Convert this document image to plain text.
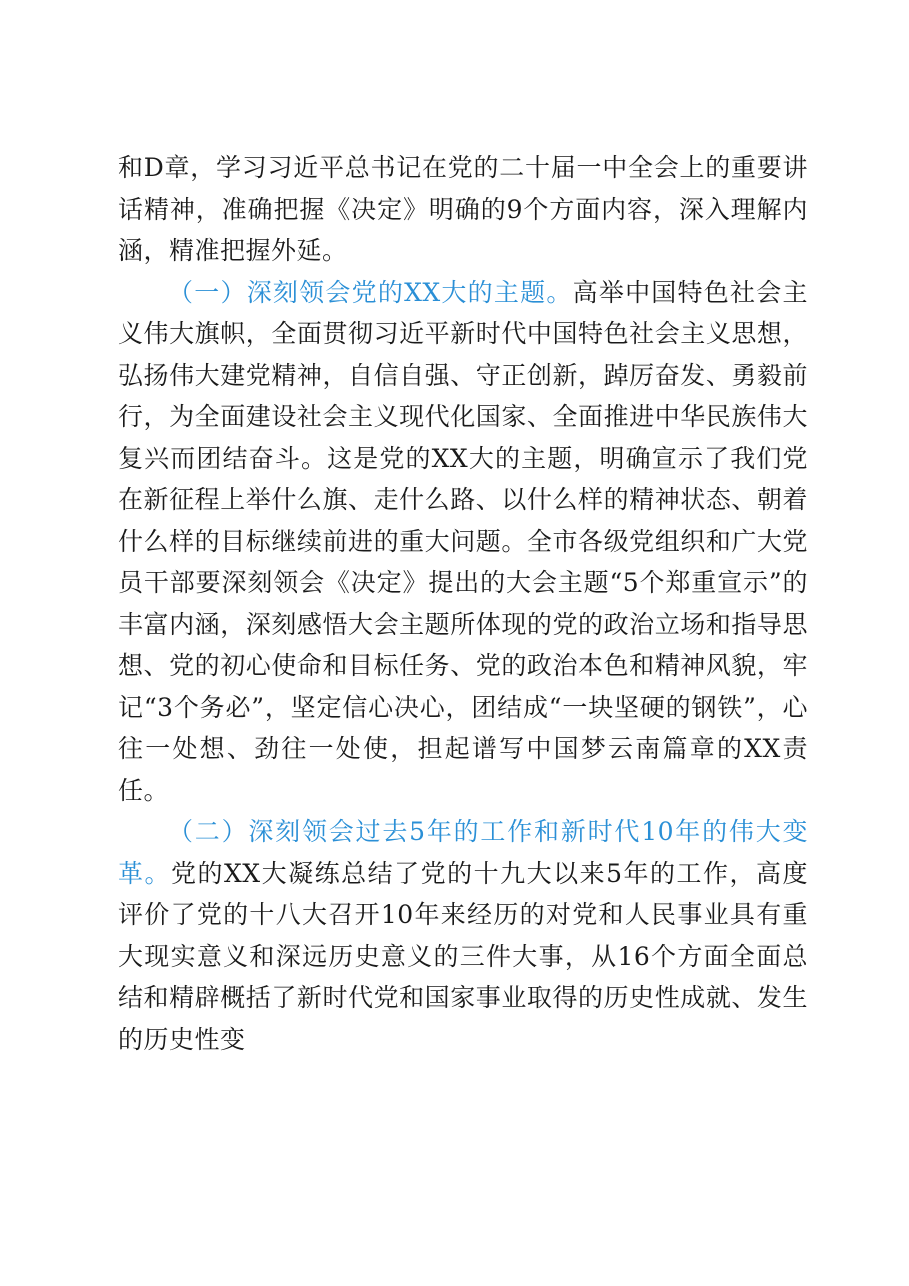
和D章，学习习近平总书记在党的二十届一中全会上的重要讲话精神，准确把握《决定》明确的9个方面内容，深入理解内涵，精准把握外延。

（一）深刻领会党的XX大的主题。高举中国特色社会主义伟大旗帜，全面贯彻习近平新时代中国特色社会主义思想，弘扬伟大建党精神，自信自强、守正创新，踔厉奋发、勇毅前行，为全面建设社会主义现代化国家、全面推进中华民族伟大复兴而团结奋斗。这是党的XX大的主题，明确宣示了我们党在新征程上举什么旗、走什么路、以什么样的精神状态、朝着什么样的目标继续前进的重大问题。全市各级党组织和广大党员干部要深刻领会《决定》提出的大会主题“5个郑重宣示”的丰富内涵，深刻感悟大会主题所体现的党的政治立场和指导思想、党的初心使命和目标任务、党的政治本色和精神风貌，牢记“3个务必”，坚定信心决心，团结成“一块坚硬的钢铁”，心往一处想、劲往一处使，担起谱写中国梦云南篇章的XX责任。

（二）深刻领会过去5年的工作和新时代10年的伟大变革。党的XX大凝练总结了党的十九大以来5年的工作，高度评价了党的十八大召开10年来经历的对党和人民事业具有重大现实意义和深远历史意义的三件大事，从16个方面全面总结和精辟概括了新时代党和国家事业取得的历史性成就、发生的历史性变
